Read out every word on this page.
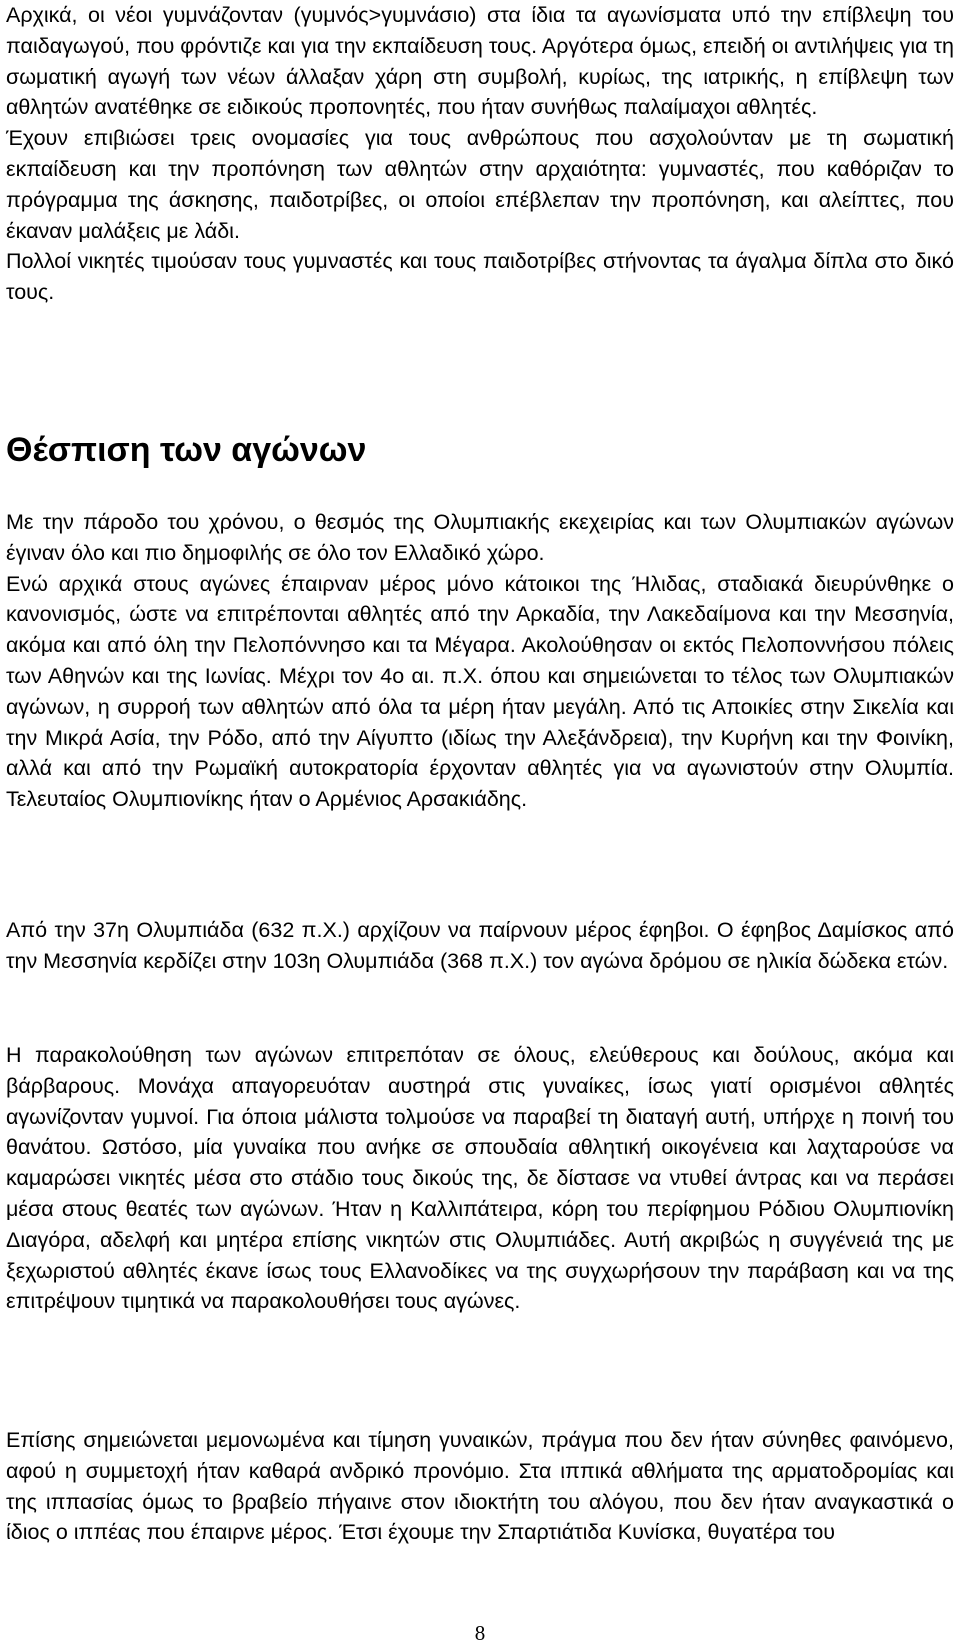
Αρχικά, οι νέοι γυμνάζονταν (γυμνός>γυμνάσιο) στα ίδια τα αγωνίσματα υπό την επίβλεψη του παιδαγωγού, που φρόντιζε και για την εκπαίδευση τους. Αργότερα όμως, επειδή οι αντιλήψεις για τη σωματική αγωγή των νέων άλλαξαν χάρη στη συμβολή, κυρίως, της ιατρικής, η επίβλεψη των αθλητών ανατέθηκε σε ειδικούς προπονητές, που ήταν συνήθως παλαίμαχοι αθλητές.

Έχουν επιβιώσει τρεις ονομασίες για τους ανθρώπους που ασχολούνταν με τη σωματική εκπαίδευση και την προπόνηση των αθλητών στην αρχαιότητα: γυμναστές, που καθόριζαν το πρόγραμμα της άσκησης, παιδοτρίβες, οι οποίοι επέβλεπαν την προπόνηση, και αλείπτες, που έκαναν μαλάξεις με λάδι.

Πολλοί νικητές τιμούσαν τους γυμναστές και τους παιδοτρίβες στήνοντας τα άγαλμα δίπλα στο δικό τους.

Θέσπιση των αγώνων

Με την πάροδο του χρόνου, ο θεσμός της Ολυμπιακής εκεχειρίας και των Ολυμπιακών αγώνων έγιναν όλο και πιο δημοφιλής σε όλο τον Ελλαδικό χώρο.

Ενώ αρχικά στους αγώνες έπαιρναν μέρος μόνο κάτοικοι της Ήλιδας, σταδιακά διευρύνθηκε ο κανονισμός, ώστε να επιτρέπονται αθλητές από την Αρκαδία, την Λακεδαίμονα και την Μεσσηνία, ακόμα και από όλη την Πελοπόννησο και τα Μέγαρα. Ακολούθησαν οι εκτός Πελοποννήσου πόλεις των Αθηνών και της Ιωνίας. Μέχρι τον 4ο αι. π.Χ. όπου και σημειώνεται το τέλος των Ολυμπιακών αγώνων, η συρροή των αθλητών από όλα τα μέρη ήταν μεγάλη. Από τις Αποικίες στην Σικελία και την Μικρά Ασία, την Ρόδο, από την Αίγυπτο (ιδίως την Αλεξάνδρεια), την Κυρήνη και την Φοινίκη, αλλά και από την Ρωμαϊκή αυτοκρατορία έρχονταν αθλητές για να αγωνιστούν στην Ολυμπία. Τελευταίος Ολυμπιονίκης ήταν ο Αρμένιος Αρσακιάδης.

Από την 37η Ολυμπιάδα (632 π.Χ.) αρχίζουν να παίρνουν μέρος έφηβοι. Ο έφηβος Δαμίσκος από την Μεσσηνία κερδίζει στην 103η Ολυμπιάδα (368 π.Χ.) τον αγώνα δρόμου σε ηλικία δώδεκα ετών.

Η παρακολούθηση των αγώνων επιτρεπόταν σε όλους, ελεύθερους και δούλους, ακόμα και βάρβαρους. Μονάχα απαγορευόταν αυστηρά στις γυναίκες, ίσως γιατί ορισμένοι αθλητές αγωνίζονταν γυμνοί. Για όποια μάλιστα τολμούσε να παραβεί τη διαταγή αυτή, υπήρχε η ποινή του θανάτου. Ωστόσο, μία γυναίκα που ανήκε σε σπουδαία αθλητική οικογένεια και λαχταρούσε να καμαρώσει νικητές μέσα στο στάδιο τους δικούς της, δε δίστασε να ντυθεί άντρας και να περάσει μέσα στους θεατές των αγώνων. Ήταν η Καλλιπάτειρα, κόρη του περίφημου Ρόδιου Ολυμπιονίκη Διαγόρα, αδελφή και μητέρα επίσης νικητών στις Ολυμπιάδες. Αυτή ακριβώς η συγγένειά της με ξεχωριστού αθλητές έκανε ίσως τους Ελλανοδίκες να της συγχωρήσουν την παράβαση και να της επιτρέψουν τιμητικά να παρακολουθήσει τους αγώνες.

Επίσης σημειώνεται μεμονωμένα και τίμηση γυναικών, πράγμα που δεν ήταν σύνηθες φαινόμενο, αφού η συμμετοχή ήταν καθαρά ανδρικό προνόμιο. Στα ιππικά αθλήματα της αρματοδρομίας και της ιππασίας όμως το βραβείο πήγαινε στον ιδιοκτήτη του αλόγου, που δεν ήταν αναγκαστικά ο ίδιος ο ιππέας που έπαιρνε μέρος. Έτσι έχουμε την Σπαρτιάτιδα Κυνίσκα, θυγατέρα του

8
